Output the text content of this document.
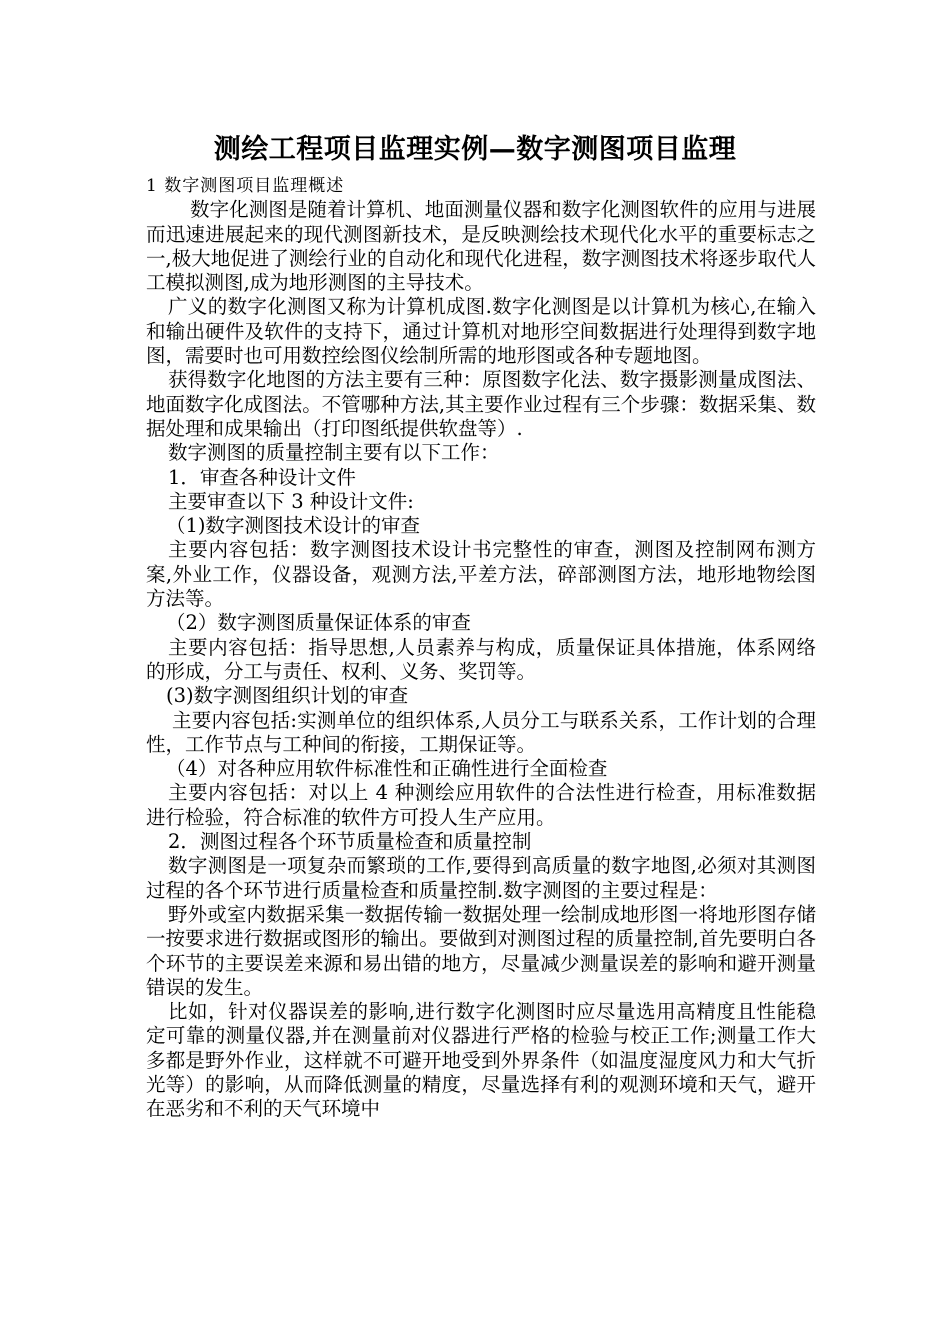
测绘工程项目监理实例—数字测图项目监理

1 数字测图项目监理概述

数字化测图是随着计算机、地面测量仪器和数字化测图软件的应用与进展而迅速进展起来的现代测图新技术，是反映测绘技术现代化水平的重要标志之一,极大地促进了测绘行业的自动化和现代化进程，数字测图技术将逐步取代人工模拟测图,成为地形测图的主导技术。

广义的数字化测图又称为计算机成图.数字化测图是以计算机为核心,在输入和输出硬件及软件的支持下，通过计算机对地形空间数据进行处理得到数字地图，需要时也可用数控绘图仪绘制所需的地形图或各种专题地图。

获得数字化地图的方法主要有三种：原图数字化法、数字摄影测量成图法、地面数字化成图法。不管哪种方法,其主要作业过程有三个步骤：数据采集、数据处理和成果输出（打印图纸提供软盘等）.

数字测图的质量控制主要有以下工作：

1．审查各种设计文件

主要审查以下 3 种设计文件:

（1)数字测图技术设计的审查

主要内容包括：数字测图技术设计书完整性的审查，测图及控制网布测方案,外业工作，仪器设备，观测方法,平差方法，碎部测图方法，地形地物绘图方法等。

（2）数字测图质量保证体系的审查

主要内容包括：指导思想,人员素养与构成，质量保证具体措施，体系网络的形成，分工与责任、权利、义务、奖罚等。

(3)数字测图组织计划的审查

主要内容包括:实测单位的组织体系,人员分工与联系关系，工作计划的合理性，工作节点与工种间的衔接，工期保证等。

（4）对各种应用软件标准性和正确性进行全面检查

主要内容包括：对以上 4 种测绘应用软件的合法性进行检查，用标准数据进行检验，符合标准的软件方可投人生产应用。

2．测图过程各个环节质量检查和质量控制

数字测图是一项复杂而繁琐的工作,要得到高质量的数字地图,必须对其测图过程的各个环节进行质量检查和质量控制.数字测图的主要过程是：

野外或室内数据采集一数据传输一数据处理一绘制成地形图一将地形图存储一按要求进行数据或图形的输出。要做到对测图过程的质量控制,首先要明白各个环节的主要误差来源和易出错的地方，尽量减少测量误差的影响和避开测量错误的发生。

比如，针对仪器误差的影响,进行数字化测图时应尽量选用高精度且性能稳定可靠的测量仪器,并在测量前对仪器进行严格的检验与校正工作;测量工作大多都是野外作业，这样就不可避开地受到外界条件（如温度湿度风力和大气折光等）的影响，从而降低测量的精度，尽量选择有利的观测环境和天气，避开在恶劣和不利的天气环境中
